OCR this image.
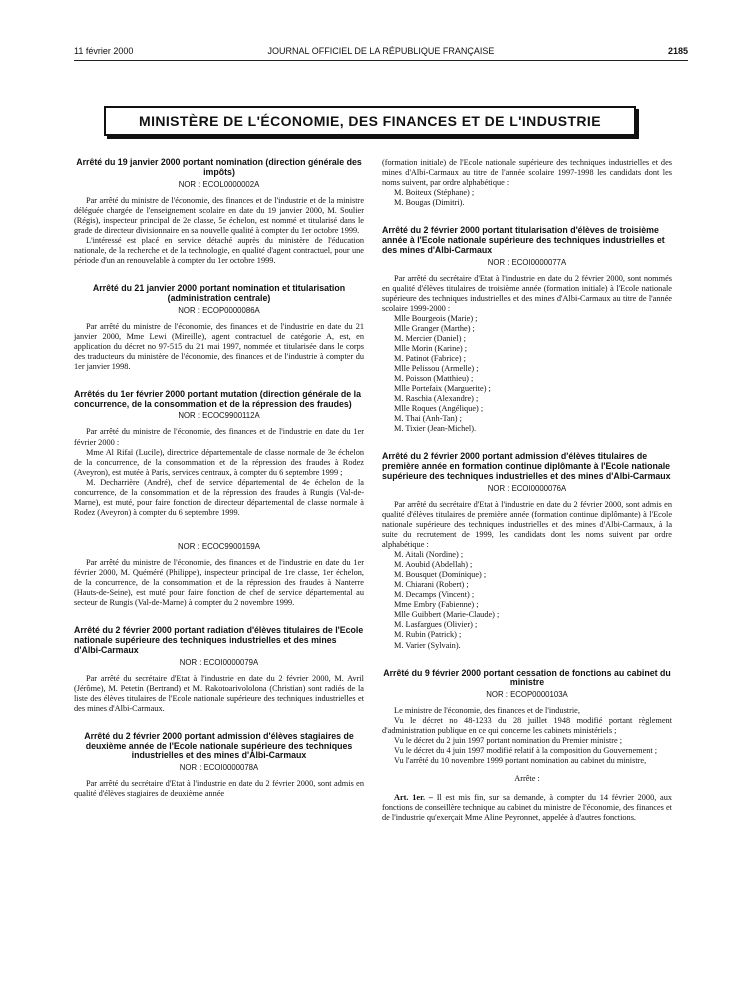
11 février 2000	JOURNAL OFFICIEL DE LA RÉPUBLIQUE FRANÇAISE	2185
MINISTÈRE DE L'ÉCONOMIE, DES FINANCES ET DE L'INDUSTRIE

Arrêté du 19 janvier 2000 portant nomination (direction générale des impôts)

NOR : ECOL0000002A

Par arrêté du ministre de l'économie, des finances et de l'industrie et de la ministre déléguée chargée de l'enseignement scolaire en date du 19 janvier 2000, M. Soulier (Régis), inspecteur principal de 2e classe, 5e échelon, est nommé et titularisé dans le grade de directeur divisionnaire en sa nouvelle qualité à compter du 1er octobre 1999.

L'intéressé est placé en service détaché auprès du ministère de l'éducation nationale, de la recherche et de la technologie, en qualité d'agent contractuel, pour une période d'un an renouvelable à compter du 1er octobre 1999.

Arrêté du 21 janvier 2000 portant nomination et titularisation (administration centrale)

NOR : ECOP0000086A

Par arrêté du ministre de l'économie, des finances et de l'industrie en date du 21 janvier 2000, Mme Lewi (Mireille), agent contractuel de catégorie A, est, en application du décret no 97-515 du 21 mai 1997, nommée et titularisée dans le corps des traducteurs du ministère de l'économie, des finances et de l'industrie à compter du 1er janvier 1998.

Arrêtés du 1er février 2000 portant mutation (direction générale de la concurrence, de la consommation et de la répression des fraudes)

NOR : ECOC9900112A

Par arrêté du ministre de l'économie, des finances et de l'industrie en date du 1er février 2000 :

Mme Al Rifaï (Lucile), directrice départementale de classe normale de 3e échelon de la concurrence, de la consommation et de la répression des fraudes à Rodez (Aveyron), est mutée à Paris, services centraux, à compter du 6 septembre 1999 ;

M. Decharrière (André), chef de service départemental de 4e échelon de la concurrence, de la consommation et de la répression des fraudes à Rungis (Val-de-Marne), est muté, pour faire fonction de directeur départemental de classe normale à Rodez (Aveyron) à compter du 6 septembre 1999.

NOR : ECOC9900159A

Par arrêté du ministre de l'économie, des finances et de l'industrie en date du 1er février 2000, M. Quéméré (Philippe), inspecteur principal de 1re classe, 1er échelon, de la concurrence, de la consommation et de la répression des fraudes à Nanterre (Hauts-de-Seine), est muté pour faire fonction de chef de service départemental au secteur de Rungis (Val-de-Marne) à compter du 2 novembre 1999.

Arrêté du 2 février 2000 portant radiation d'élèves titulaires de l'Ecole nationale supérieure des techniques industrielles et des mines d'Albi-Carmaux

NOR : ECOI0000079A

Par arrêté du secrétaire d'Etat à l'industrie en date du 2 février 2000, M. Avril (Jérôme), M. Petetin (Bertrand) et M. Rakotoarivololona (Christian) sont radiés de la liste des élèves titulaires de l'Ecole nationale supérieure des techniques industrielles et des mines d'Albi-Carmaux.

Arrêté du 2 février 2000 portant admission d'élèves stagiaires de deuxième année de l'Ecole nationale supérieure des techniques industrielles et des mines d'Albi-Carmaux

NOR : ECOI0000078A

Par arrêté du secrétaire d'Etat à l'industrie en date du 2 février 2000, sont admis en qualité d'élèves stagiaires de deuxième année

(formation initiale) de l'Ecole nationale supérieure des techniques industrielles et des mines d'Albi-Carmaux au titre de l'année scolaire 1997-1998 les candidats dont les noms suivent, par ordre alphabétique :

M. Boiteux (Stéphane) ;
M. Bougas (Dimitri).

Arrêté du 2 février 2000 portant titularisation d'élèves de troisième année à l'Ecole nationale supérieure des techniques industrielles et des mines d'Albi-Carmaux

NOR : ECOI0000077A

Par arrêté du secrétaire d'Etat à l'industrie en date du 2 février 2000, sont nommés en qualité d'élèves titulaires de troisième année (formation initiale) à l'Ecole nationale supérieure des techniques industrielles et des mines d'Albi-Carmaux au titre de l'année scolaire 1999-2000 :

Mlle Bourgeois (Marie) ;
Mlle Granger (Marthe) ;
M. Mercier (Daniel) ;
Mlle Morin (Karine) ;
M. Patinot (Fabrice) ;
Mlle Pelissou (Armelle) ;
M. Poisson (Matthieu) ;
Mlle Portefaix (Marguerite) ;
M. Raschia (Alexandre) ;
Mlle Roques (Angélique) ;
M. Thai (Anh-Tan) ;
M. Tixier (Jean-Michel).

Arrêté du 2 février 2000 portant admission d'élèves titulaires de première année en formation continue diplômante à l'Ecole nationale supérieure des techniques industrielles et des mines d'Albi-Carmaux

NOR : ECOI0000076A

Par arrêté du secrétaire d'Etat à l'industrie en date du 2 février 2000, sont admis en qualité d'élèves titulaires de première année (formation continue diplômante) à l'Ecole nationale supérieure des techniques industrielles et des mines d'Albi-Carmaux, à la suite du recrutement de 1999, les candidats dont les noms suivent par ordre alphabétique :

M. Aitali (Nordine) ;
M. Aoubid (Abdellah) ;
M. Bousquet (Dominique) ;
M. Chiarani (Robert) ;
M. Decamps (Vincent) ;
Mme Embry (Fabienne) ;
Mlle Guibbert (Marie-Claude) ;
M. Lasfargues (Olivier) ;
M. Rubin (Patrick) ;
M. Varier (Sylvain).

Arrêté du 9 février 2000 portant cessation de fonctions au cabinet du ministre

NOR : ECOP0000103A

Le ministre de l'économie, des finances et de l'industrie,

Vu le décret no 48-1233 du 28 juillet 1948 modifié portant règlement d'administration publique en ce qui concerne les cabinets ministériels ;

Vu le décret du 2 juin 1997 portant nomination du Premier ministre ;

Vu le décret du 4 juin 1997 modifié relatif à la composition du Gouvernement ;

Vu l'arrêté du 10 novembre 1999 portant nomination au cabinet du ministre,

Arrête :

Art. 1er. – Il est mis fin, sur sa demande, à compter du 14 février 2000, aux fonctions de conseillère technique au cabinet du ministre de l'économie, des finances et de l'industrie qu'exerçait Mme Aline Peyronnet, appelée à d'autres fonctions.
